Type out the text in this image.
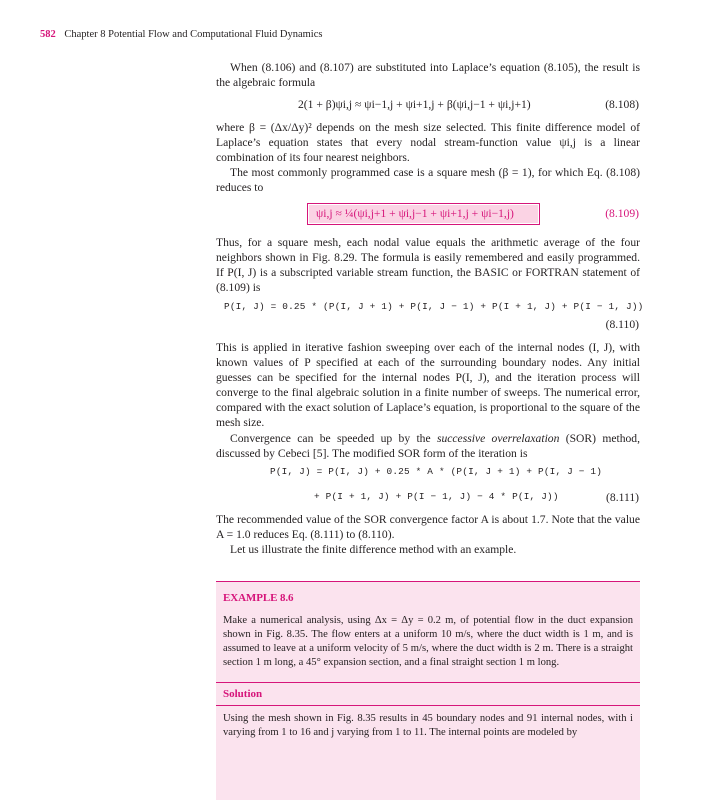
582 Chapter 8 Potential Flow and Computational Fluid Dynamics

When (8.106) and (8.107) are substituted into Laplace’s equation (8.105), the result is the algebraic formula

2(1 + β)ψi,j ≈ ψi−1,j + ψi+1,j + β(ψi,j−1 + ψi,j+1)	(8.108)

where β = (Δx/Δy)² depends on the mesh size selected. This finite difference model of Laplace’s equation states that every nodal stream-function value ψi,j is a linear combination of its four nearest neighbors.

The most commonly programmed case is a square mesh (β = 1), for which Eq. (8.108) reduces to

ψi,j ≈ ¼(ψi,j+1 + ψi,j−1 + ψi+1,j + ψi−1,j)	(8.109)

Thus, for a square mesh, each nodal value equals the arithmetic average of the four neighbors shown in Fig. 8.29. The formula is easily remembered and easily programmed. If P(I, J) is a subscripted variable stream function, the BASIC or FORTRAN statement of (8.109) is

P(I, J) = 0.25 * (P(I, J + 1) + P(I, J − 1) + P(I + 1, J) + P(I − 1, J))
(8.110)

This is applied in iterative fashion sweeping over each of the internal nodes (I, J), with known values of P specified at each of the surrounding boundary nodes. Any initial guesses can be specified for the internal nodes P(I, J), and the iteration process will converge to the final algebraic solution in a finite number of sweeps. The numerical error, compared with the exact solution of Laplace’s equation, is proportional to the square of the mesh size.

Convergence can be speeded up by the successive overrelaxation (SOR) method, discussed by Cebeci [5]. The modified SOR form of the iteration is

P(I, J) = P(I, J) + 0.25 * A * (P(I, J + 1) + P(I, J − 1)
+ P(I + 1, J) + P(I − 1, J) − 4 * P(I, J))	(8.111)

The recommended value of the SOR convergence factor A is about 1.7. Note that the value A = 1.0 reduces Eq. (8.111) to (8.110).

Let us illustrate the finite difference method with an example.

EXAMPLE 8.6
Make a numerical analysis, using Δx = Δy = 0.2 m, of potential flow in the duct expansion shown in Fig. 8.35. The flow enters at a uniform 10 m/s, where the duct width is 1 m, and is assumed to leave at a uniform velocity of 5 m/s, where the duct width is 2 m. There is a straight section 1 m long, a 45° expansion section, and a final straight section 1 m long.
Solution
Using the mesh shown in Fig. 8.35 results in 45 boundary nodes and 91 internal nodes, with i varying from 1 to 16 and j varying from 1 to 11. The internal points are modeled by
